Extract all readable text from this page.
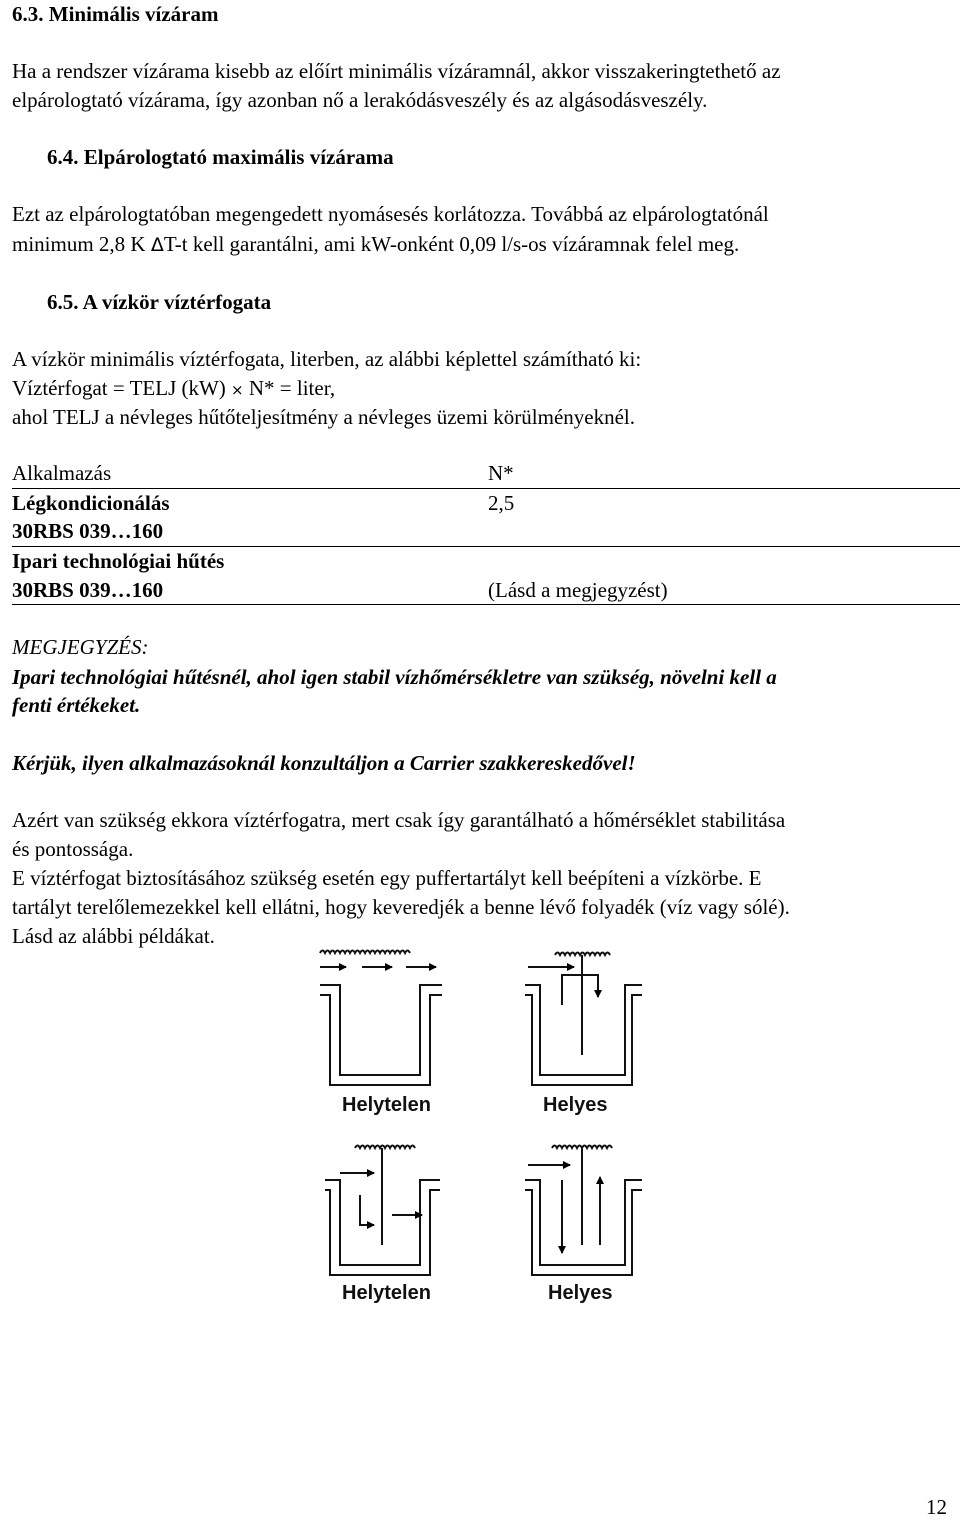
6.3. Minimális vízáram
Ha a rendszer vízárama kisebb az előírt minimális vízáramnál, akkor visszakeringtethető az
elpárologtató vízárama, így azonban nő a lerakódásveszély és az algásodásveszély.
6.4. Elpárologtató maximális vízárama
Ezt az elpárologtatóban megengedett nyomásesés korlátozza. Továbbá az elpárologtatónál
minimum 2,8 K ΔT-t kell garantálni, ami kW-onként 0,09 l/s-os vízáramnak felel meg.
6.5. A vízkör víztérfogata
A vízkör minimális víztérfogata, literben, az alábbi képlettel számítható ki:
Víztérfogat = TELJ (kW) × N* = liter,
ahol TELJ a névleges hűtőteljesítmény a névleges üzemi körülményeknél.
Alkalmazás	N*
Légkondicionálás	2,5
30RBS 039…160
Ipari technológiai hűtés
30RBS 039…160	(Lásd a megjegyzést)
MEGJEGYZÉS:
Ipari technológiai hűtésnél, ahol igen stabil vízhőmérsékletre van szükség, növelni kell a
fenti értékeket.
Kérjük, ilyen alkalmazásoknál konzultáljon a Carrier szakkereskedővel!
Azért van szükség ekkora víztérfogatra, mert csak így garantálható a hőmérséklet stabilitása
és pontossága.
E víztérfogat biztosításához szükség esetén egy puffertartályt kell beépíteni a vízkörbe. E
tartályt terelőlemezekkel kell ellátni, hogy keveredjék a benne lévő folyadék (víz vagy sólé).
Lásd az alábbi példákat.
Helytelen	Helyes
Helytelen	Helyes
12
